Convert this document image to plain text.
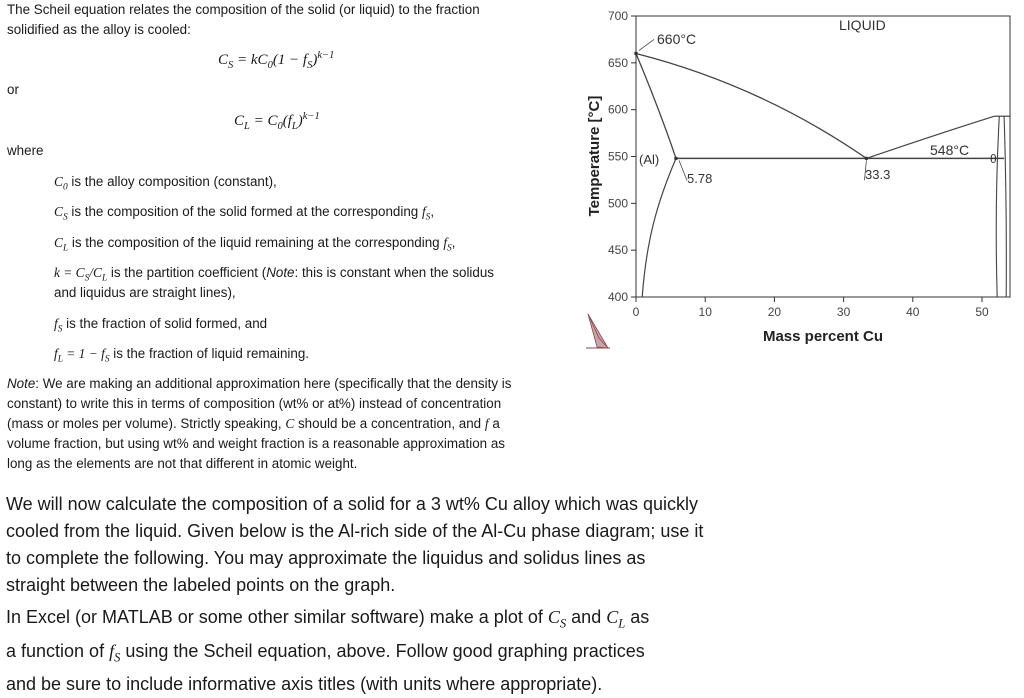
The Scheil equation relates the composition of the solid (or liquid) to the fraction
solidified as the alloy is cooled:
$C_S = kC_0(1 - f_S)^{k-1}$
or
$C_L = C_0(f_L)^{k-1}$
where
$C_0$ is the alloy composition (constant),
$C_S$ is the composition of the solid formed at the corresponding $f_S$,
$C_L$ is the composition of the liquid remaining at the corresponding $f_S$,
$k = C_S/C_L$ is the partition coefficient (Note: this is constant when the solidus
and liquidus are straight lines),
$f_S$ is the fraction of solid formed, and
$f_L = 1 - f_S$ is the fraction of liquid remaining.
Note: We are making an additional approximation here (specifically that the density is
constant) to write this in terms of composition (wt% or at%) instead of concentration
(mass or moles per volume). Strictly speaking, C should be a concentration, and f a
volume fraction, but using wt% and weight fraction is a reasonable approximation as
long as the elements are not that different in atomic weight.
We will now calculate the composition of a solid for a 3 wt% Cu alloy which was quickly
cooled from the liquid. Given below is the Al-rich side of the Al-Cu phase diagram; use it
to complete the following. You may approximate the liquidus and solidus lines as
straight between the labeled points on the graph.
In Excel (or MATLAB or some other similar software) make a plot of $C_S$ and $C_L$ as
a function of $f_S$ using the Scheil equation, above. Follow good graphing practices
and be sure to include informative axis titles (with units where appropriate).
0	10	20	30	40	50
400
450
500
550
600
650
700
Mass percent Cu
Temperature [°C]
LIQUID
660°C
(Al)
5.78	33.3
548°C
θ
